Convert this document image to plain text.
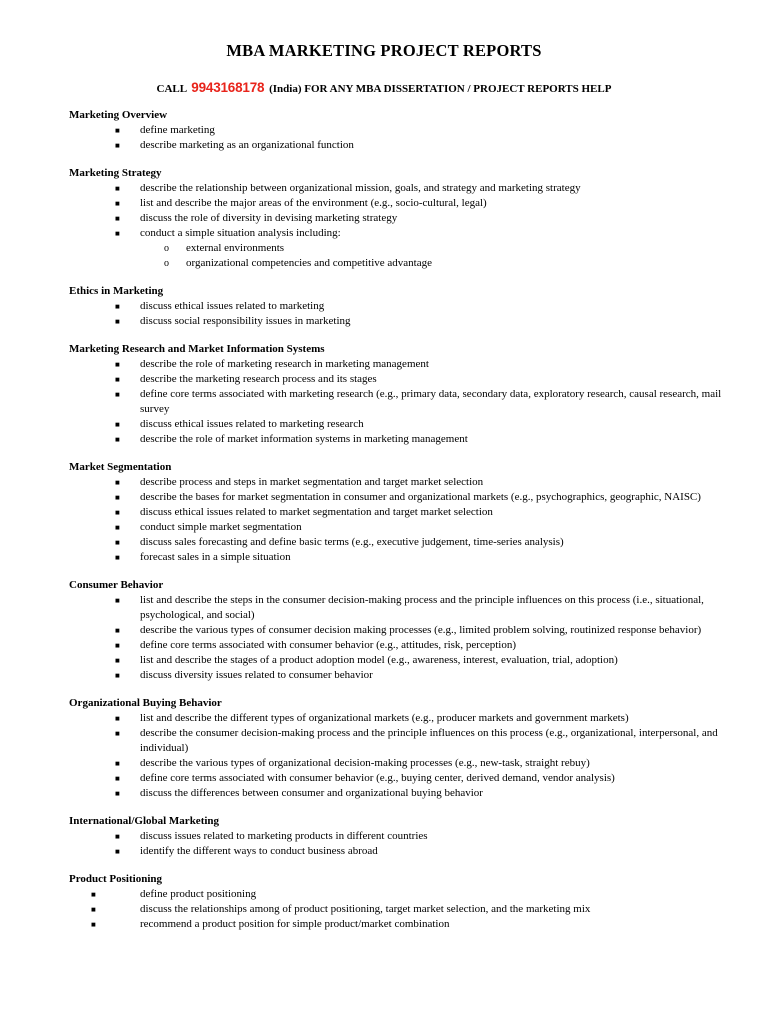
MBA MARKETING PROJECT REPORTS
CALL 9943168178 (India) FOR ANY MBA DISSERTATION / PROJECT REPORTS HELP
Marketing Overview
■	define marketing
■	describe marketing as an organizational function
Marketing Strategy
■	describe the relationship between organizational mission, goals, and strategy and marketing strategy
■	list and describe the major areas of the environment (e.g., socio-cultural, legal)
■	discuss the role of diversity in devising marketing strategy
■	conduct a simple situation analysis including:
o external environments
o organizational competencies and competitive advantage
Ethics in Marketing
■	discuss ethical issues related to marketing
■	discuss social responsibility issues in marketing
Marketing Research and Market Information Systems
■	describe the role of marketing research in marketing management
■	describe the marketing research process and its stages
■	define core terms associated with marketing research (e.g., primary data, secondary data, exploratory research, causal research, mail survey
■	discuss ethical issues related to marketing research
■	describe the role of market information systems in marketing management
Market Segmentation
■	describe process and steps in market segmentation and target market selection
■	describe the bases for market segmentation in consumer and organizational markets (e.g., psychographics, geographic, NAISC)
■	discuss ethical issues related to market segmentation and target market selection
■	conduct simple market segmentation
■	discuss sales forecasting and define basic terms (e.g., executive judgement, time-series analysis)
■	forecast sales in a simple situation
Consumer Behavior
■	list and describe the steps in the consumer decision-making process and the principle influences on this process (i.e., situational, psychological, and social)
■	describe the various types of consumer decision making processes (e.g., limited problem solving, routinized response behavior)
■	define core terms associated with consumer behavior (e.g., attitudes, risk, perception)
■	list and describe the stages of a product adoption model (e.g., awareness, interest, evaluation, trial, adoption)
■	discuss diversity issues related to consumer behavior
Organizational Buying Behavior
■	list and describe the different types of organizational markets (e.g., producer markets and government markets)
■	describe the consumer decision-making process and the principle influences on this process (e.g., organizational, interpersonal, and individual)
■	describe the various types of organizational decision-making processes (e.g., new-task, straight rebuy)
■	define core terms associated with consumer behavior (e.g., buying center, derived demand, vendor analysis)
■	discuss the differences between consumer and organizational buying behavior
International/Global Marketing
■	discuss issues related to marketing products in different countries
■	identify the different ways to conduct business abroad
Product Positioning
■	define product positioning
■	discuss the relationships among of product positioning, target market selection, and the marketing mix
■	recommend a product position for simple product/market combination
